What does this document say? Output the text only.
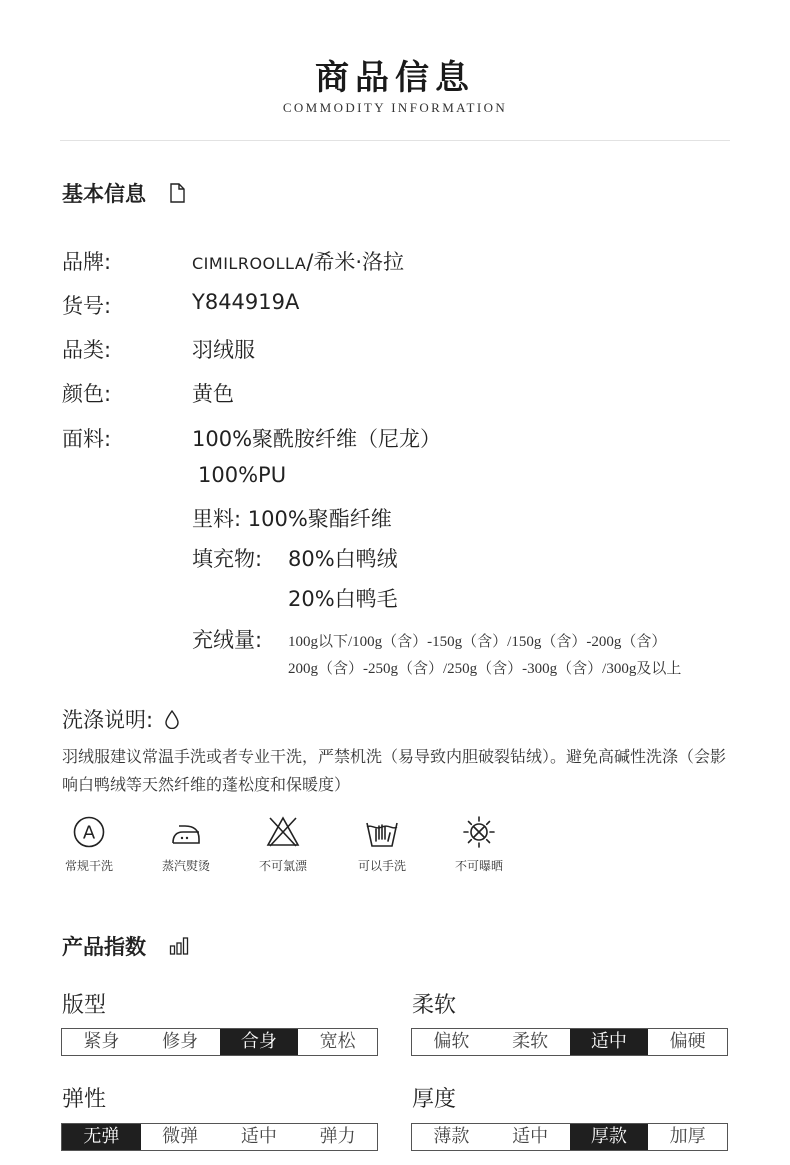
商品信息
COMMODITY INFORMATION
基本信息
品牌:	CIMILROOLLA/希米·洛拉
货号:	Y844919A
品类:	羽绒服
颜色:	黄色
面料:	100%聚酰胺纤维（尼龙）
100%PU
里料: 100%聚酯纤维
填充物: 80%白鸭绒
20%白鸭毛
充绒量: 100g以下/100g（含）-150g（含）/150g（含）-200g（含）
200g（含）-250g（含）/250g（含）-300g（含）/300g及以上
洗涤说明:
羽绒服建议常温手洗或者专业干洗，严禁机洗（易导致内胆破裂钻绒）。避免高碱性洗涤（会影响白鸭绒等天然纤维的蓬松度和保暖度）
A
常规干洗	蒸汽熨烫	不可氯漂	可以手洗	不可曝晒
产品指数
版型
紧身	修身	合身	宽松
柔软
偏软	柔软	适中	偏硬
弹性
无弹	微弹	适中	弹力
厚度
薄款	适中	厚款	加厚
